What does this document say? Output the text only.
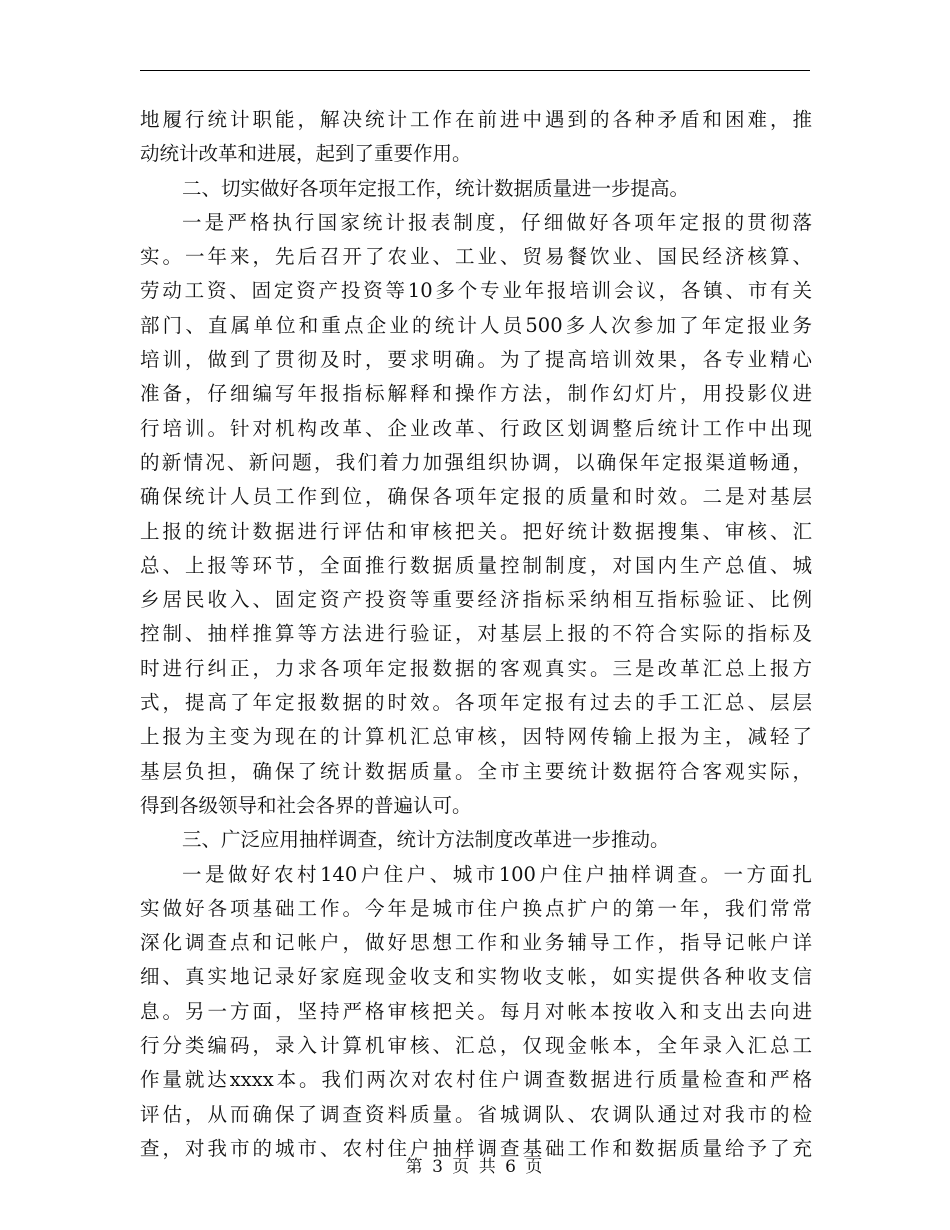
地履行统计职能，解决统计工作在前进中遇到的各种矛盾和困难，推
动统计改革和进展，起到了重要作用。
二、切实做好各项年定报工作，统计数据质量进一步提高。
一是严格执行国家统计报表制度，仔细做好各项年定报的贯彻落
实。一年来，先后召开了农业、工业、贸易餐饮业、国民经济核算、
劳动工资、固定资产投资等10多个专业年报培训会议，各镇、市有关
部门、直属单位和重点企业的统计人员500多人次参加了年定报业务
培训，做到了贯彻及时，要求明确。为了提高培训效果，各专业精心
准备，仔细编写年报指标解释和操作方法，制作幻灯片，用投影仪进
行培训。针对机构改革、企业改革、行政区划调整后统计工作中出现
的新情况、新问题，我们着力加强组织协调，以确保年定报渠道畅通，
确保统计人员工作到位，确保各项年定报的质量和时效。二是对基层
上报的统计数据进行评估和审核把关。把好统计数据搜集、审核、汇
总、上报等环节，全面推行数据质量控制制度，对国内生产总值、城
乡居民收入、固定资产投资等重要经济指标采纳相互指标验证、比例
控制、抽样推算等方法进行验证，对基层上报的不符合实际的指标及
时进行纠正，力求各项年定报数据的客观真实。三是改革汇总上报方
式，提高了年定报数据的时效。各项年定报有过去的手工汇总、层层
上报为主变为现在的计算机汇总审核，因特网传输上报为主，减轻了
基层负担，确保了统计数据质量。全市主要统计数据符合客观实际，
得到各级领导和社会各界的普遍认可。
三、广泛应用抽样调查，统计方法制度改革进一步推动。
一是做好农村140户住户、城市100户住户抽样调查。一方面扎
实做好各项基础工作。今年是城市住户换点扩户的第一年，我们常常
深化调查点和记帐户，做好思想工作和业务辅导工作，指导记帐户详
细、真实地记录好家庭现金收支和实物收支帐，如实提供各种收支信
息。另一方面，坚持严格审核把关。每月对帐本按收入和支出去向进
行分类编码，录入计算机审核、汇总，仅现金帐本，全年录入汇总工
作量就达xxxx本。我们两次对农村住户调查数据进行质量检查和严格
评估，从而确保了调查资料质量。省城调队、农调队通过对我市的检
查，对我市的城市、农村住户抽样调查基础工作和数据质量给予了充
第 3 页 共 6 页
